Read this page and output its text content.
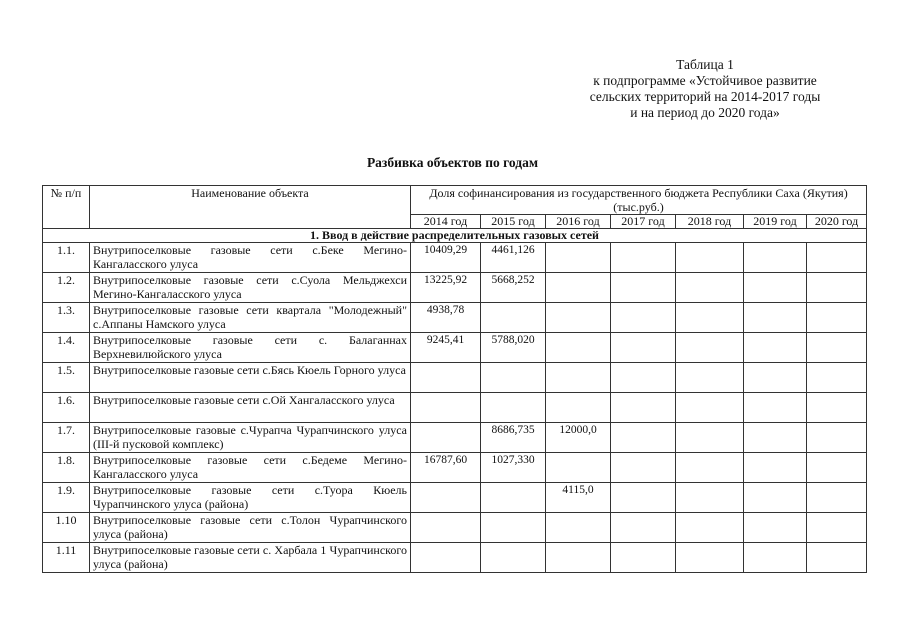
Таблица 1
к подпрограмме «Устойчивое развитие
сельских территорий на 2014-2017 годы
и на период до 2020 года»
Разбивка объектов по годам
№ п/п	Наименование объекта	Доля софинансирования из государственного бюджета Республики Саха (Якутия) (тыс.руб.)						
		2014 год	2015 год	2016 год	2017 год	2018 год	2019 год	2020 год
1. Ввод в действие распределительных газовых сетей								
1.1.	Внутрипоселковые газовые сети с.Беке Мегино-Кангаласского улуса	10409,29	4461,126					
1.2.	Внутрипоселковые газовые сети с.Суола Мельджехси Мегино-Кангаласского улуса	13225,92	5668,252					
1.3.	Внутрипоселковые газовые сети квартала "Молодежный" с.Аппаны Намского улуса	4938,78						
1.4.	Внутрипоселковые газовые сети с. Балаганнах Верхневилюйского улуса	9245,41	5788,020					
1.5.	Внутрипоселковые газовые сети с.Бясь Кюель Горного улуса							
1.6.	Внутрипоселковые газовые сети с.Ой Хангаласского улуса							
1.7.	Внутрипоселковые газовые с.Чурапча Чурапчинского улуса (III-й пусковой комплекс)		8686,735	12000,0				
1.8.	Внутрипоселковые газовые сети с.Бедеме Мегино-Кангаласского улуса	16787,60	1027,330					
1.9.	Внутрипоселковые газовые сети с.Туора Кюель Чурапчинского улуса (района)			4115,0				
1.10	Внутрипоселковые газовые сети с.Толон Чурапчинского улуса (района)							
1.11	Внутрипоселковые газовые сети с. Харбала 1 Чурапчинского улуса (района)							
